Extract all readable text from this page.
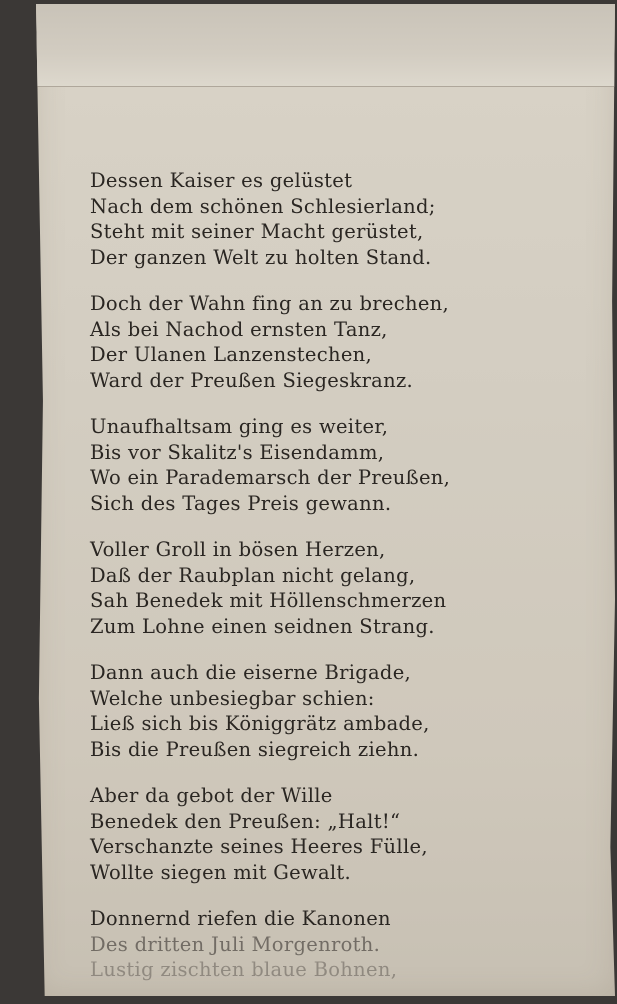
Dessen Kaiser es gelüstet
Nach dem schönen Schlesierland;
Steht mit seiner Macht gerüstet,
Der ganzen Welt zu holten Stand.
Doch der Wahn fing an zu brechen,
Als bei Nachod ernsten Tanz,
Der Ulanen Lanzenstechen,
Ward der Preußen Siegeskranz.
Unaufhaltsam ging es weiter,
Bis vor Skalitz's Eisendamm,
Wo ein Parademarsch der Preußen,
Sich des Tages Preis gewann.
Voller Groll in bösen Herzen,
Daß der Raubplan nicht gelang,
Sah Benedek mit Höllenschmerzen
Zum Lohne einen seidnen Strang.
Dann auch die eiserne Brigade,
Welche unbesiegbar schien:
Ließ sich bis Königgrätz ambade,
Bis die Preußen siegreich ziehn.
Aber da gebot der Wille
Benedek den Preußen: „Halt!“
Verschanzte seines Heeres Fülle,
Wollte siegen mit Gewalt.
Donnernd riefen die Kanonen
Des dritten Juli Morgenroth.
Lustig zischten blaue Bohnen,
